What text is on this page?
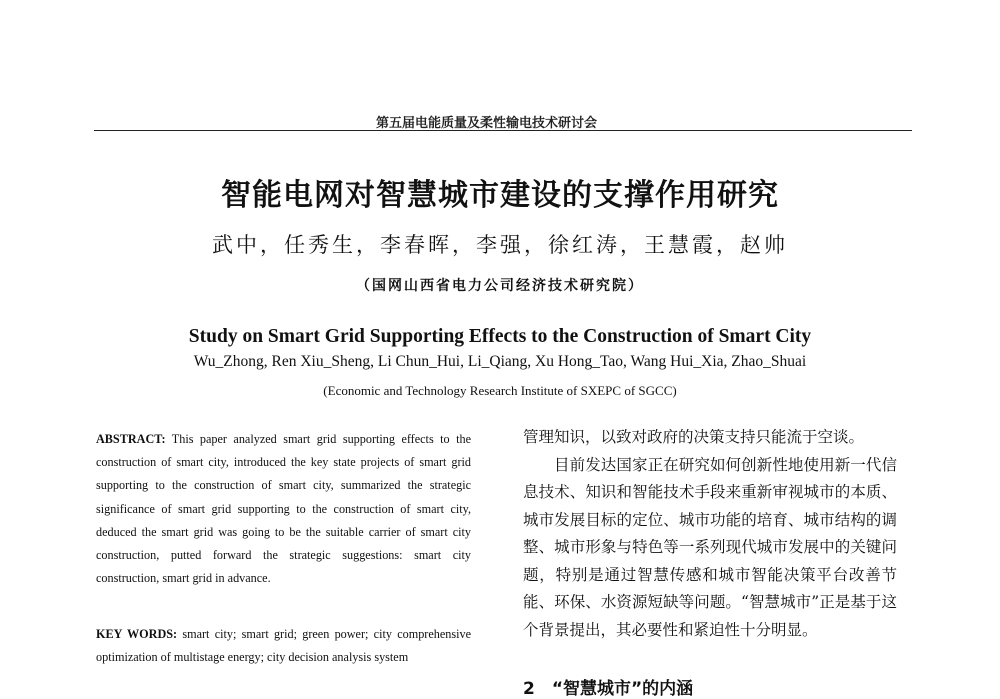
第五届电能质量及柔性输电技术研讨会
智能电网对智慧城市建设的支撑作用研究
武中，任秀生，李春晖，李强，徐红涛，王慧霞，赵帅
（国网山西省电力公司经济技术研究院）
Study on Smart Grid Supporting Effects to the Construction of Smart City
Wu_Zhong, Ren Xiu_Sheng, Li Chun_Hui, Li_Qiang, Xu Hong_Tao, Wang Hui_Xia, Zhao_Shuai
(Economic and Technology Research Institute of SXEPC of SGCC)
ABSTRACT: This paper analyzed smart grid supporting effects to the construction of smart city, introduced the key state projects of smart grid supporting to the construction of smart city, summarized the strategic significance of smart grid supporting to the construction of smart city, deduced the smart grid was going to be the suitable carrier of smart city construction, putted forward the strategic suggestions: smart city construction, smart grid in advance.
KEY WORDS: smart city; smart grid; green power; city comprehensive optimization of multistage energy; city decision analysis system

管理知识，以致对政府的决策支持只能流于空谈。

目前发达国家正在研究如何创新性地使用新一代信息技术、知识和智能技术手段来重新审视城市的本质、城市发展目标的定位、城市功能的培育、城市结构的调整、城市形象与特色等一系列现代城市发展中的关键问题，特别是通过智慧传感和城市智能决策平台改善节能、环保、水资源短缺等问题。“智慧城市”正是基于这个背景提出，其必要性和紧迫性十分明显。

2　“智慧城市”的内涵
